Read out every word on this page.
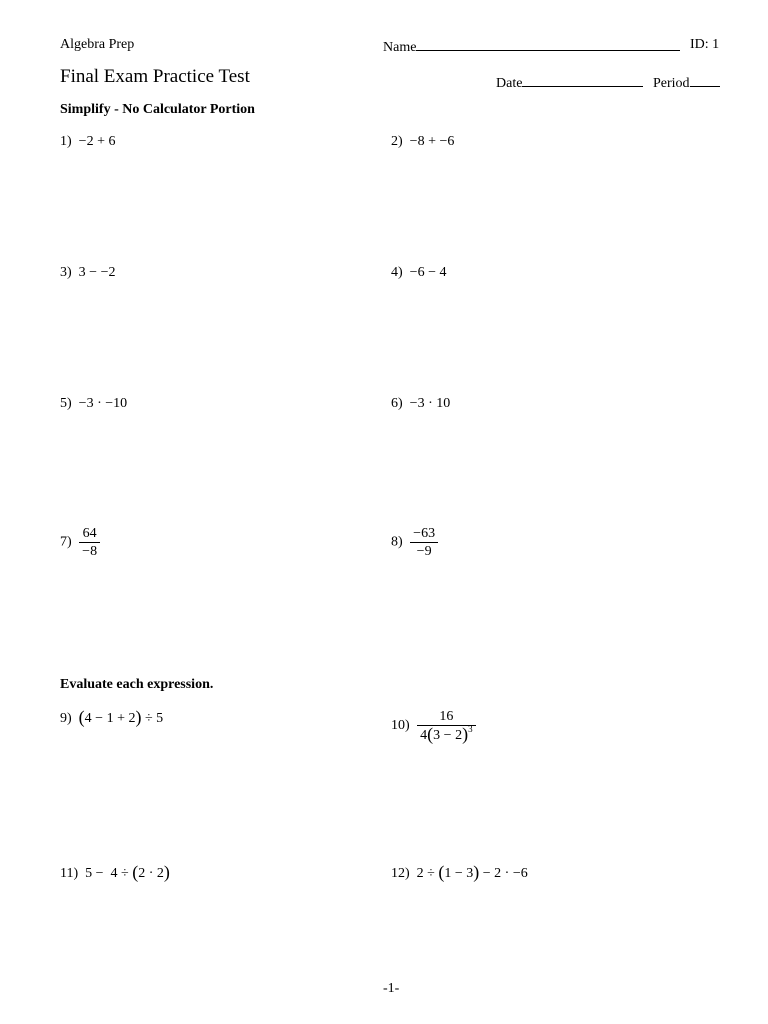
Algebra Prep
Final Exam Practice Test
Name	ID: 1
Date	Period
Simplify - No Calculator Portion
1) −2 + 6	2) −8 + −6
3) 3 − −2	4) −6 − 4
5) −3 · −10	6) −3 · 10
$7) \frac{64}{-8}$	$8) \frac{-63}{-9}$
Evaluate each expression.
9) (4 − 1 + 2) ÷ 5	$10) \frac{16}{4(3 - 2)^3}$
11) 5 −  4 ÷ (2 · 2)	12) 2 ÷ (1 − 3) − 2 · −6
-1-
